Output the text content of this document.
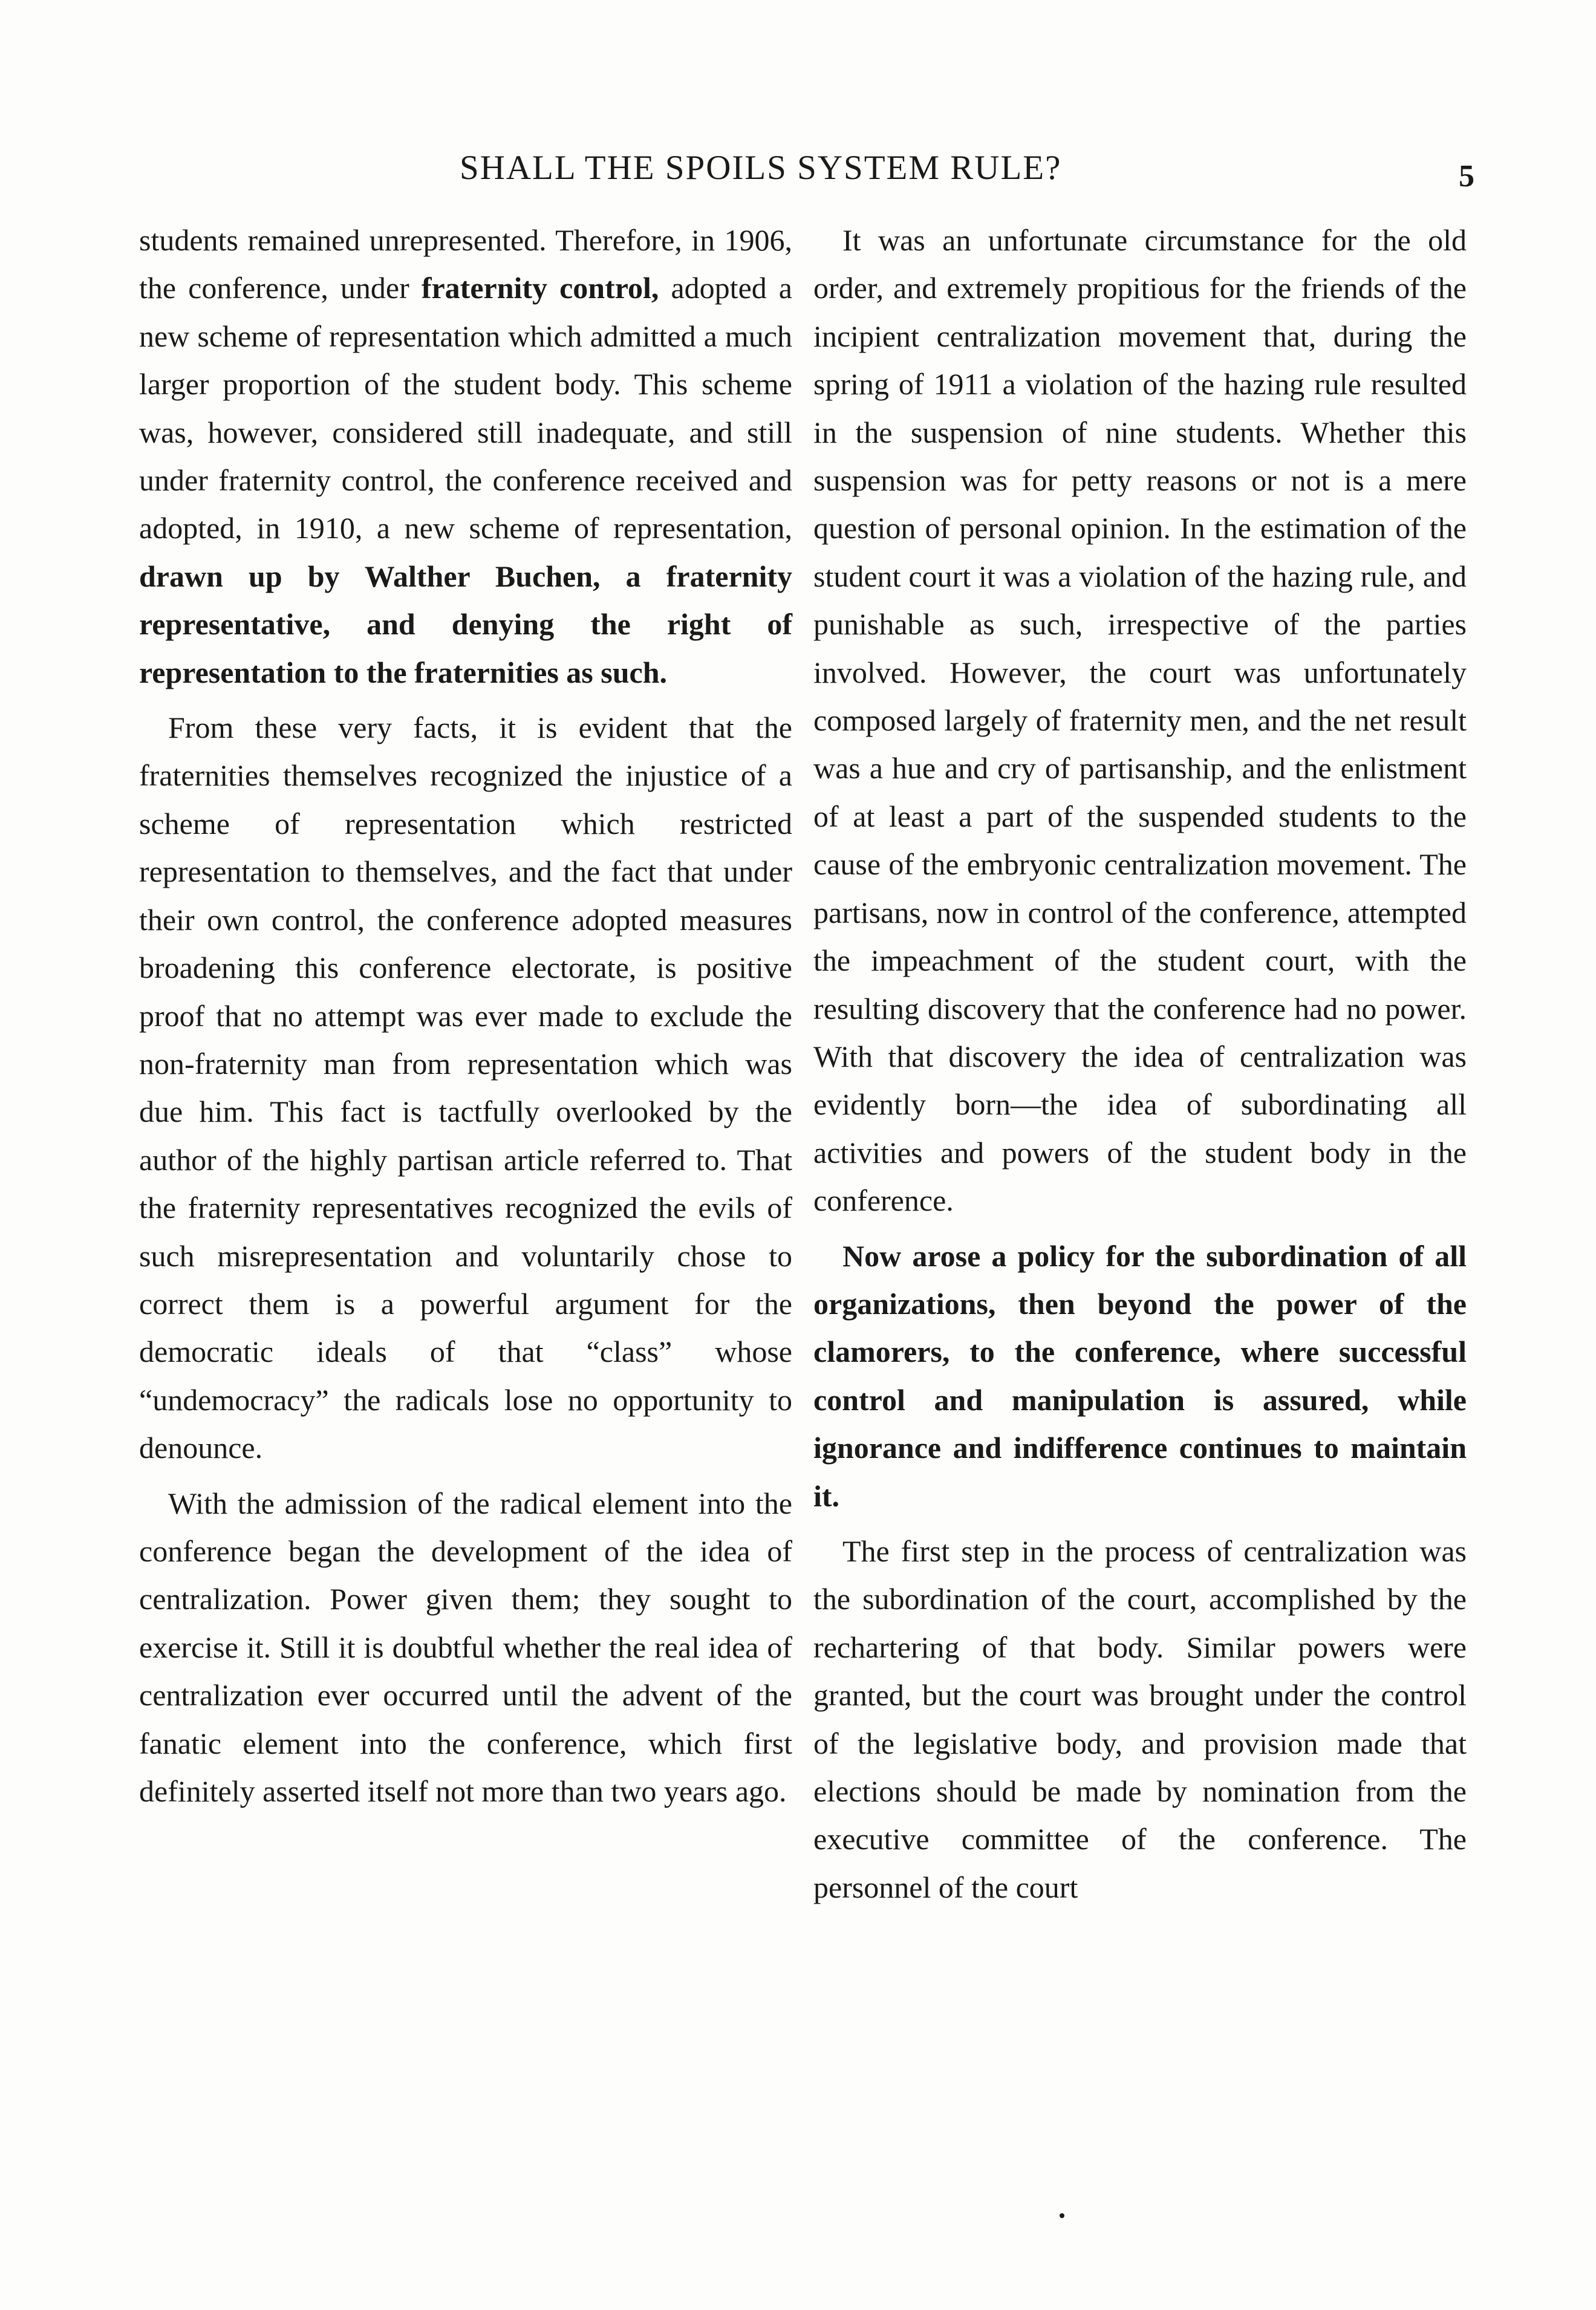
SHALL THE SPOILS SYSTEM RULE?	5

students remained unrepresented. Therefore, in 1906, the conference, under fraternity control, adopted a new scheme of representation which admitted a much larger proportion of the student body. This scheme was, however, considered still inadequate, and still under fraternity control, the conference received and adopted, in 1910, a new scheme of representation, drawn up by Walther Buchen, a fraternity representative, and denying the right of representation to the fraternities as such.

From these very facts, it is evident that the fraternities themselves recognized the injustice of a scheme of representation which restricted representation to themselves, and the fact that under their own control, the conference adopted measures broadening this conference electorate, is positive proof that no attempt was ever made to exclude the non-fraternity man from representation which was due him. This fact is tactfully overlooked by the author of the highly partisan article referred to. That the fraternity representatives recognized the evils of such misrepresentation and voluntarily chose to correct them is a powerful argument for the democratic ideals of that “class” whose “undemocracy” the radicals lose no opportunity to denounce.

With the admission of the radical element into the conference began the development of the idea of centralization. Power given them; they sought to exercise it. Still it is doubtful whether the real idea of centralization ever occurred until the advent of the fanatic element into the conference, which first definitely asserted itself not more than two years ago.

It was an unfortunate circumstance for the old order, and extremely propitious for the friends of the incipient centralization movement that, during the spring of 1911 a violation of the hazing rule resulted in the suspension of nine students. Whether this suspension was for petty reasons or not is a mere question of personal opinion. In the estimation of the student court it was a violation of the hazing rule, and punishable as such, irrespective of the parties involved. However, the court was unfortunately composed largely of fraternity men, and the net result was a hue and cry of partisanship, and the enlistment of at least a part of the suspended students to the cause of the embryonic centralization movement. The partisans, now in control of the conference, attempted the impeachment of the student court, with the resulting discovery that the conference had no power. With that discovery the idea of centralization was evidently born—the idea of subordinating all activities and powers of the student body in the conference.

Now arose a policy for the subordination of all organizations, then beyond the power of the clamorers, to the conference, where successful control and manipulation is assured, while ignorance and indifference continues to maintain it.

The first step in the process of centralization was the subordination of the court, accomplished by the rechartering of that body. Similar powers were granted, but the court was brought under the control of the legislative body, and provision made that elections should be made by nomination from the executive committee of the conference. The personnel of the court
